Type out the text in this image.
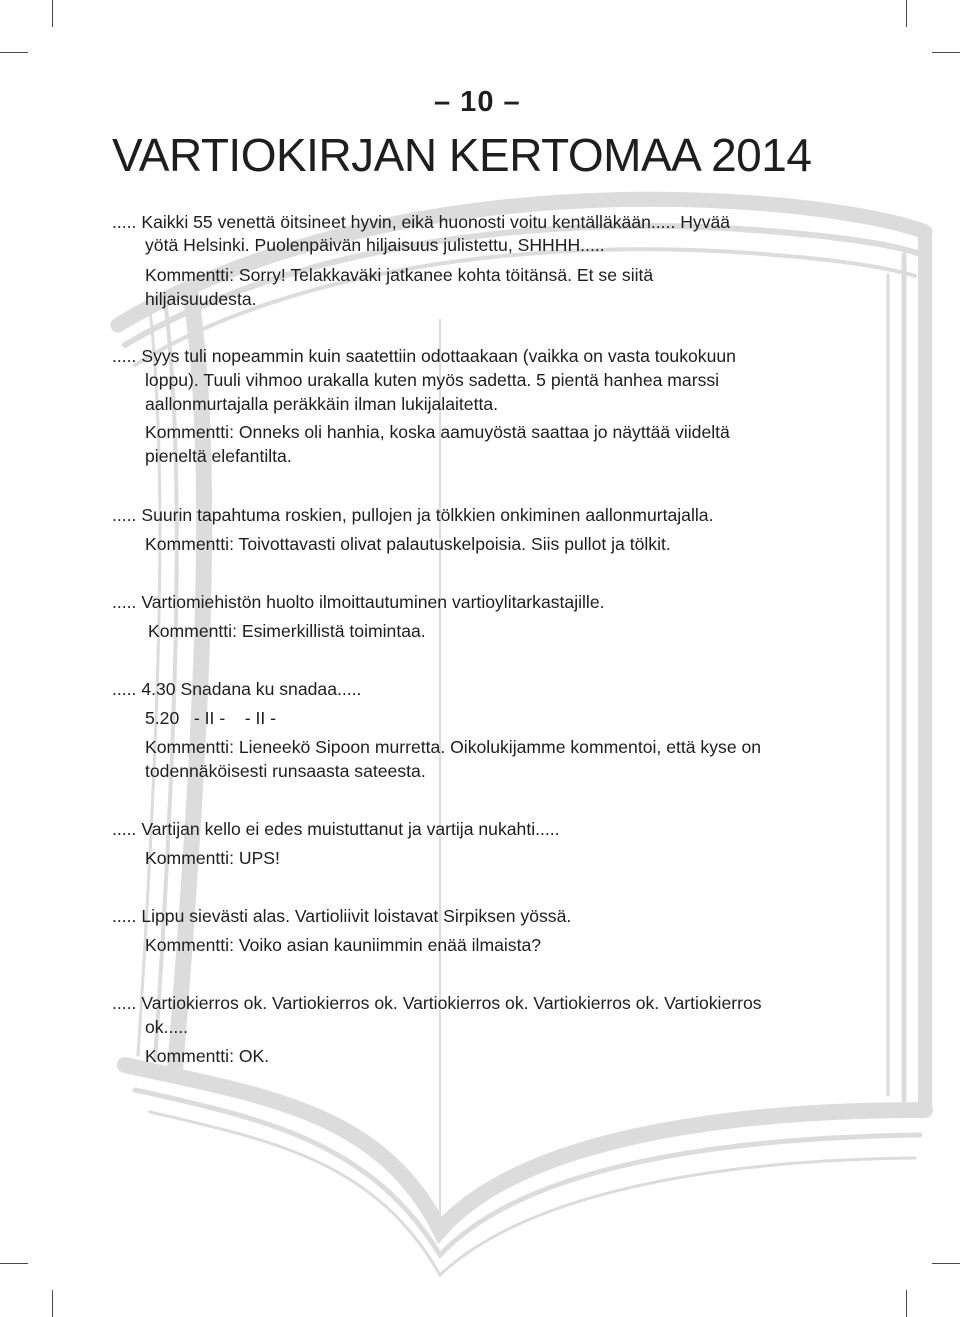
– 10 –
VARTIOKIRJAN KERTOMAA 2014

..... Kaikki 55 venettä öitsineet hyvin, eikä huonosti voitu kentälläkään..... Hyvää

yötä Helsinki. Puolenpäivän hiljaisuus julistettu, SHHHH.....

Kommentti: Sorry! Telakkaväki jatkanee kohta töitänsä. Et se siitä

hiljaisuudesta.

..... Syys tuli nopeammin kuin saatettiin odottaakaan (vaikka on vasta toukokuun

loppu). Tuuli vihmoo urakalla kuten myös sadetta. 5 pientä hanhea marssi

aallonmurtajalla peräkkäin ilman lukijalaitetta.

Kommentti: Onneks oli hanhia, koska aamuyöstä saattaa jo näyttää viideltä

pieneltä elefantilta.

..... Suurin tapahtuma roskien, pullojen ja tölkkien onkiminen aallonmurtajalla.

Kommentti: Toivottavasti olivat palautuskelpoisia. Siis pullot ja tölkit.

..... Vartiomiehistön huolto ilmoittautuminen vartioylitarkastajille.

Kommentti: Esimerkillistä toimintaa.

..... 4.30 Snadana ku snadaa.....

5.20   - II -    - II -

Kommentti: Lieneekö Sipoon murretta. Oikolukijamme kommentoi, että kyse on

todennäköisesti runsaasta sateesta.

..... Vartijan kello ei edes muistuttanut ja vartija nukahti.....

Kommentti: UPS!

..... Lippu sievästi alas. Vartioliivit loistavat Sirpiksen yössä.

Kommentti: Voiko asian kauniimmin enää ilmaista?

..... Vartiokierros ok. Vartiokierros ok. Vartiokierros ok. Vartiokierros ok. Vartiokierros

ok.....

Kommentti: OK.
